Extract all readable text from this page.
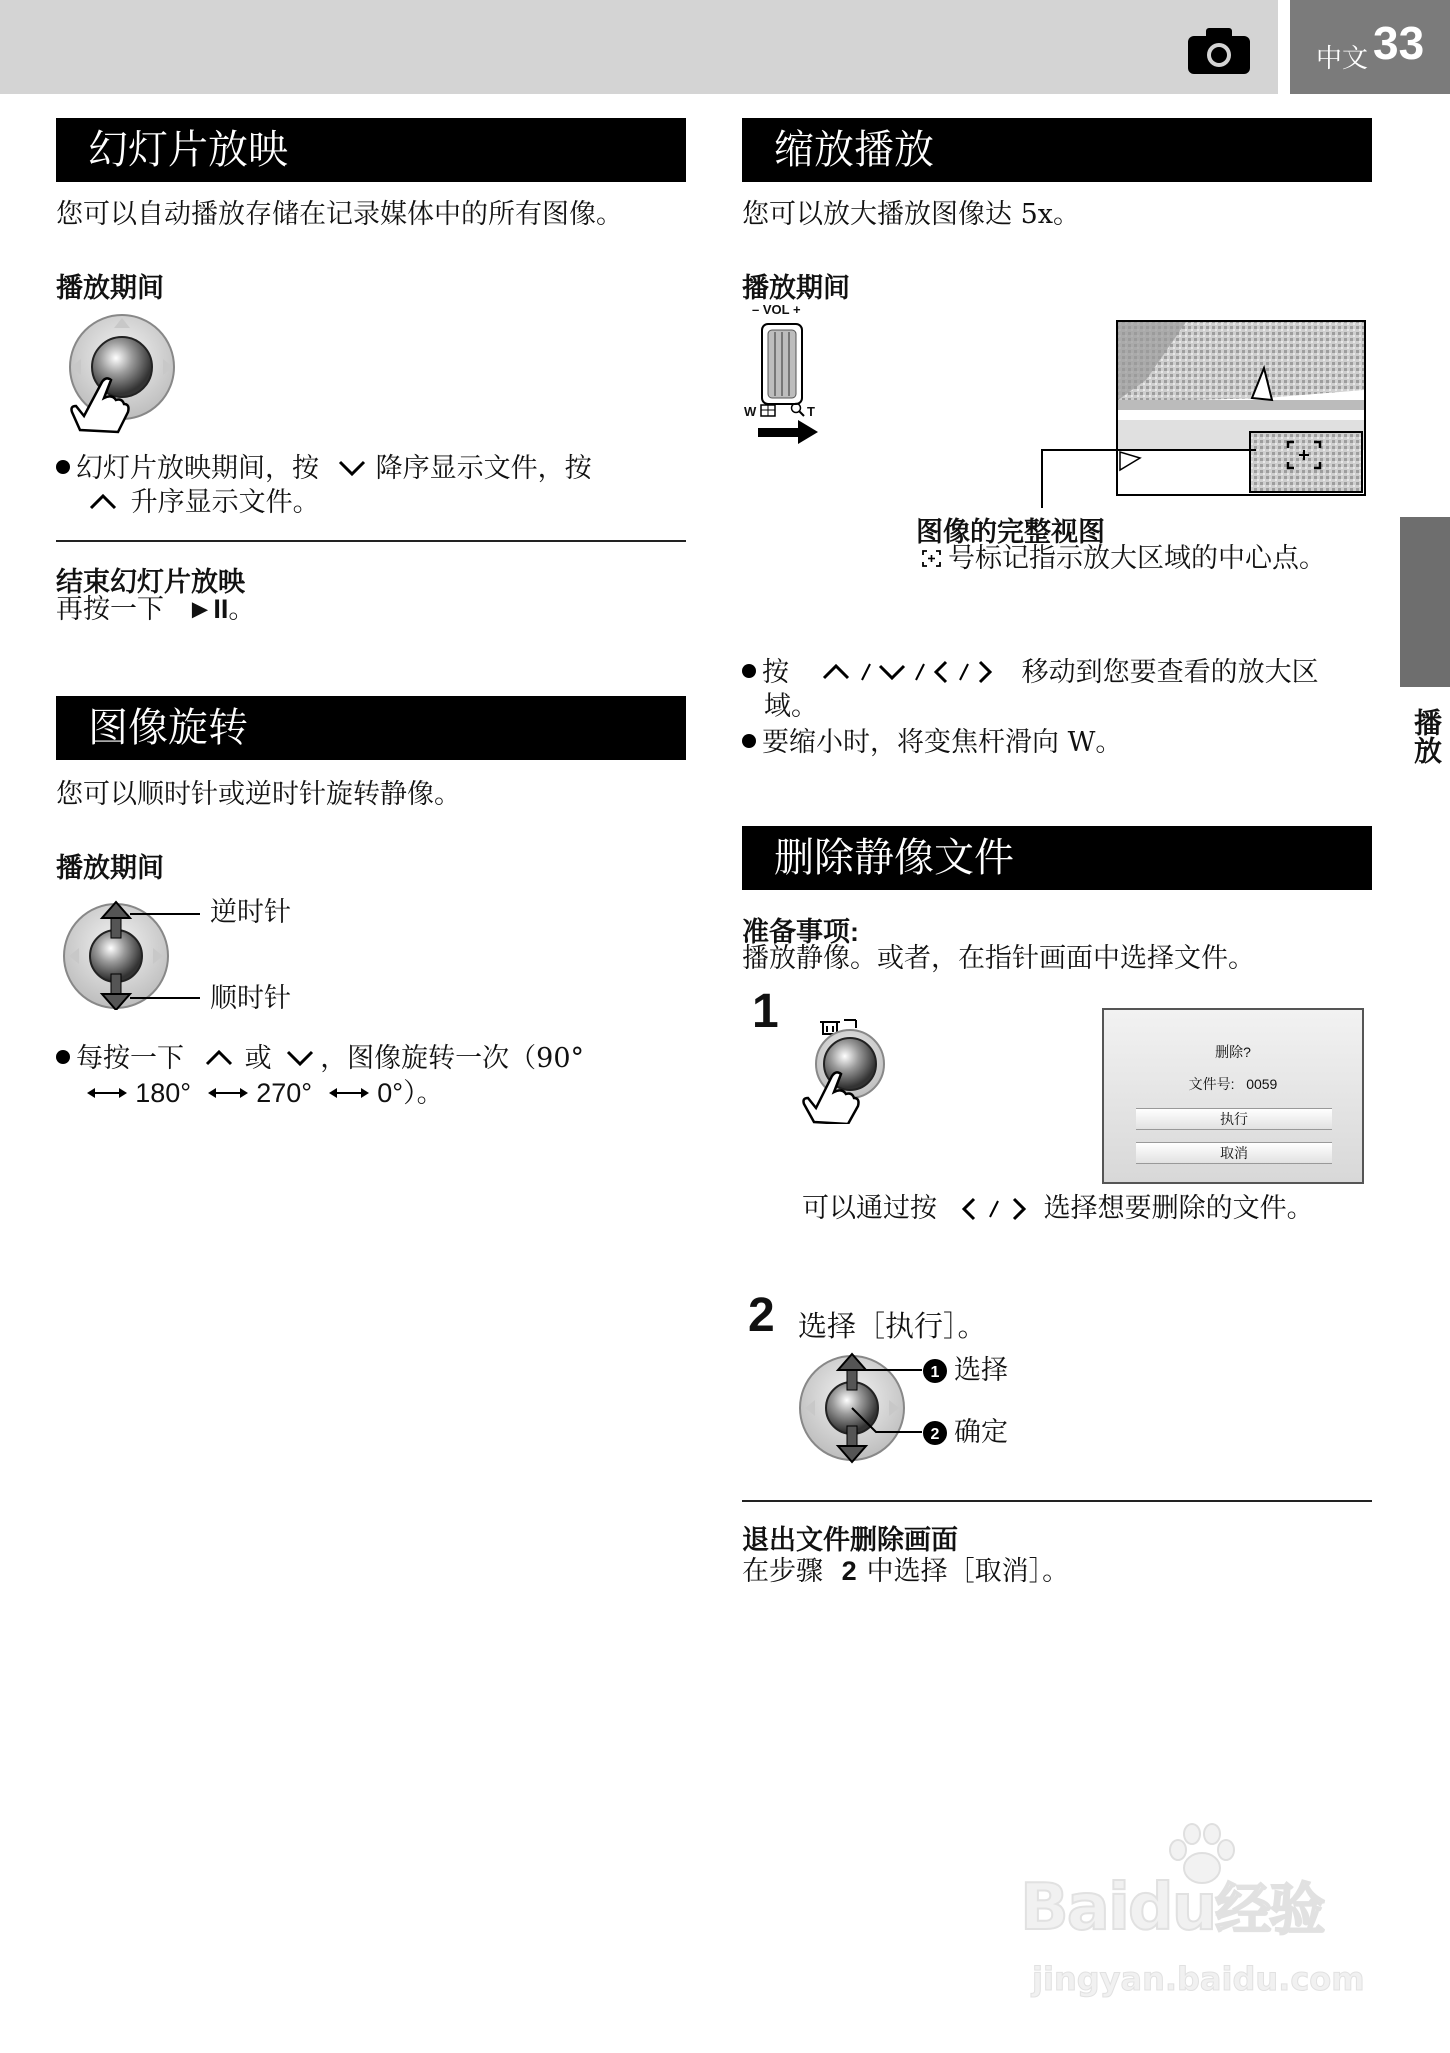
中文 33
播放
幻灯片放映
您可以自动播放存储在记录媒体中的所有图像。
播放期间
幻灯片放映期间，按 降序显示文件，按
升序显示文件。
结束幻灯片放映
再按一下 ►II。
图像旋转
您可以顺时针或逆时针旋转静像。
播放期间
逆时针
顺时针
每按一下 或 ，图像旋转一次（90°
180° 270° 0°）。
缩放播放
您可以放大播放图像达 5x。
播放期间
– VOL +
W	T
图像的完整视图
号标记指示放大区域的中心点。
按	移动到您要查看的放大区
域。
要缩小时，将变焦杆滑向 W。
删除静像文件
准备事项:
播放静像。或者，在指针画面中选择文件。
1
删除?
文件号: 0059
执行
取消
可以通过按	选择想要删除的文件。
2 选择［执行］。
1 选择
2 确定
退出文件删除画面
在步骤 2 中选择［取消］。
Baidu经验
jingyan.baidu.com
